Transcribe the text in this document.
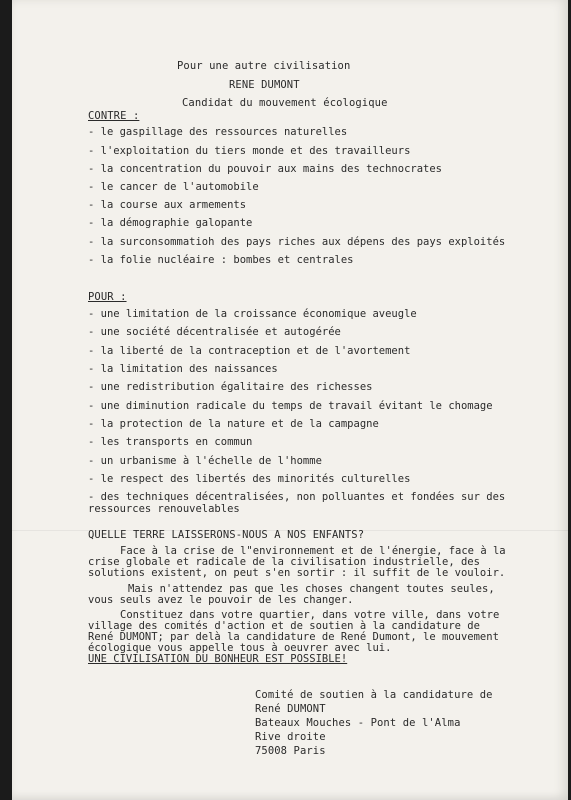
Pour une autre civilisation
RENE DUMONT
Candidat du mouvement écologique
CONTRE :
- le gaspillage des ressources naturelles
- l'exploitation du tiers monde et des travailleurs
- la concentration du pouvoir aux mains des technocrates
- le cancer de l'automobile
- la course aux armements
- la démographie galopante
- la surconsommatioh des pays riches aux dépens des pays exploités
- la folie nucléaire : bombes et centrales
POUR :
- une limitation de la croissance économique aveugle
- une société décentralisée et autogérée
- la liberté de la contraception et de l'avortement
- la limitation des naissances
- une redistribution égalitaire des richesses
- une diminution radicale du temps de travail évitant le chomage
- la protection de la nature et de la campagne
- les transports en commun
- un urbanisme à l'échelle de l'homme
- le respect des libertés des minorités culturelles
- des techniques décentralisées, non polluantes et fondées sur des
ressources renouvelables
QUELLE TERRE LAISSERONS-NOUS A NOS ENFANTS?
Face à la crise de l"environnement et de l'énergie, face à la
crise globale et radicale de la civilisation industrielle, des
solutions existent, on peut s'en sortir : il suffit de le vouloir.
Mais n'attendez pas que les choses changent toutes seules,
vous seuls avez le pouvoir de les changer.
Constituez dans votre quartier, dans votre ville, dans votre
village des comités d'action et de soutien à la candidature de
René DUMONT; par delà la candidature de René Dumont, le mouvement
écologique vous appelle tous à oeuvrer avec lui.
UNE CIVILISATION DU BONHEUR EST POSSIBLE!
Comité de soutien à la candidature de
René DUMONT
Bateaux Mouches - Pont de l'Alma
Rive droite
75008 Paris
